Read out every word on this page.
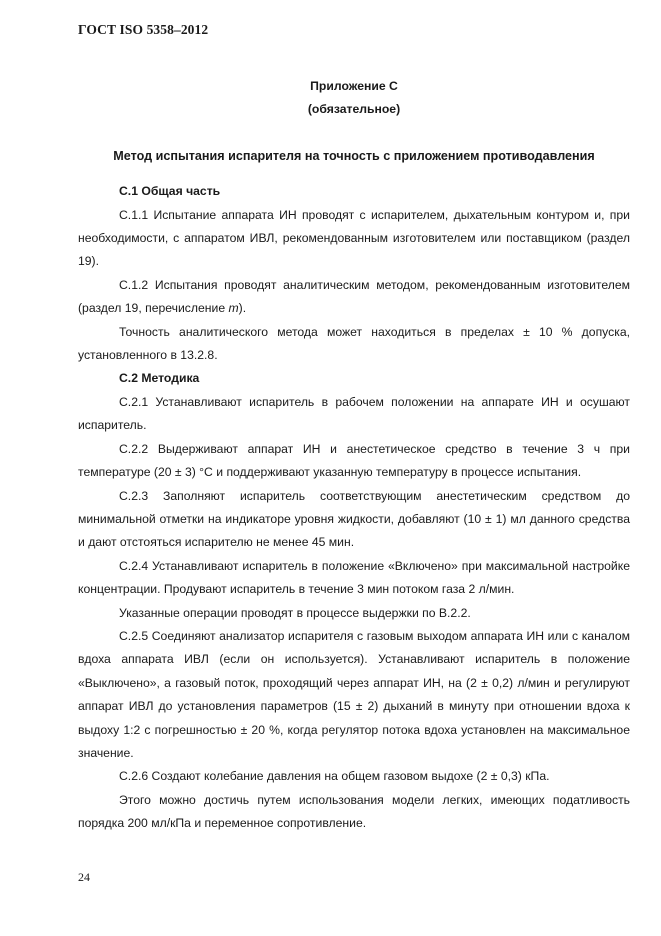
ГОСТ ISO 5358–2012

Приложение С

(обязательное)

Метод испытания испарителя на точность с приложением противодавления

С.1 Общая часть

С.1.1 Испытание аппарата ИН проводят с испарителем, дыхательным контуром и, при необходимости, с аппаратом ИВЛ, рекомендованным изготовителем или поставщиком (раздел 19).

С.1.2 Испытания проводят аналитическим методом, рекомендованным изготовителем (раздел 19, перечисление m).

Точность аналитического метода может находиться в пределах ± 10 % допуска, установленного в 13.2.8.

С.2 Методика

С.2.1 Устанавливают испаритель в рабочем положении на аппарате ИН и осушают испаритель.

С.2.2 Выдерживают аппарат ИН и анестетическое средство в течение 3 ч при температуре (20 ± 3) °С и поддерживают указанную температуру в процессе испытания.

С.2.3 Заполняют испаритель соответствующим анестетическим средством до минимальной отметки на индикаторе уровня жидкости, добавляют (10 ± 1) мл данного средства и дают отстояться испарителю не менее 45 мин.

С.2.4 Устанавливают испаритель в положение «Включено» при максимальной настройке концентрации. Продувают испаритель в течение 3 мин потоком газа 2 л/мин.

Указанные операции проводят в процессе выдержки по В.2.2.

С.2.5 Соединяют анализатор испарителя с газовым выходом аппарата ИН или с каналом вдоха аппарата ИВЛ (если он используется). Устанавливают испаритель в положение «Выключено», а газовый поток, проходящий через аппарат ИН, на (2 ± 0,2) л/мин и регулируют аппарат ИВЛ до установления параметров (15 ± 2) дыханий в минуту при отношении вдоха к выдоху 1:2 с погрешностью ± 20 %, когда регулятор потока вдоха установлен на максимальное значение.

С.2.6 Создают колебание давления на общем газовом выдохе (2 ± 0,3) кПа.

Этого можно достичь путем использования модели легких, имеющих податливость порядка 200 мл/кПа и переменное сопротивление.

24
